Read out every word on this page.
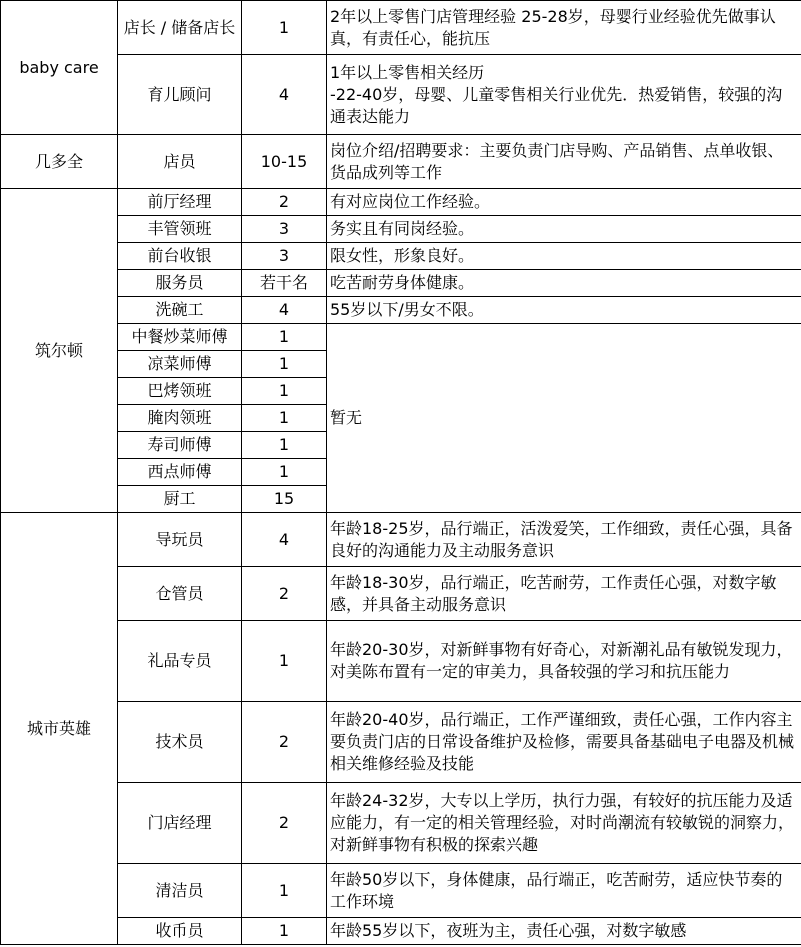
baby care	店长 / 储备店长	1	2年以上零售门店管理经验 25-28岁，母婴行业经验优先做事认真，有责任心，能抗压
	育儿顾问	4	1年以上零售相关经历
-22-40岁，母婴、儿童零售相关行业优先．热爱销售，较强的沟通表达能力
几多全	店员	10-15	岗位介绍/招聘要求：主要负责门店导购、产品销售、点单收银、货品成列等工作
筑尔顿	前厅经理	2	有对应岗位工作经验。
	丰管领班	3	务实且有同岗经验。
	前台收银	3	限女性，形象良好。
	服务员	若干名	吃苦耐劳身体健康。
	洗碗工	4	55岁以下/男女不限。
	中餐炒菜师傅	1	暂无
	凉菜师傅	1	
	巴烤领班	1	
	腌肉领班	1	
	寿司师傅	1	
	西点师傅	1	
	厨工	15	
城市英雄	导玩员	4	年龄18-25岁，品行端正，活泼爱笑，工作细致，责任心强，具备良好的沟通能力及主动服务意识
	仓管员	2	年龄18-30岁，品行端正，吃苦耐劳，工作责任心强，对数字敏感，并具备主动服务意识
	礼品专员	1	年龄20-30岁，对新鲜事物有好奇心，对新潮礼品有敏锐发现力，对美陈布置有一定的审美力，具备较强的学习和抗压能力
	技术员	2	年龄20-40岁，品行端正，工作严谨细致，责任心强，工作内容主要负责门店的日常设备维护及检修，需要具备基础电子电器及机械相关维修经验及技能
	门店经理	2	年龄24-32岁，大专以上学历，执行力强，有较好的抗压能力及适应能力，有一定的相关管理经验，对时尚潮流有较敏锐的洞察力，对新鲜事物有积极的探索兴趣
	清洁员	1	年龄50岁以下，身体健康，品行端正，吃苦耐劳，适应快节奏的工作环境
	收币员	1	年龄55岁以下，夜班为主，责任心强，对数字敏感
